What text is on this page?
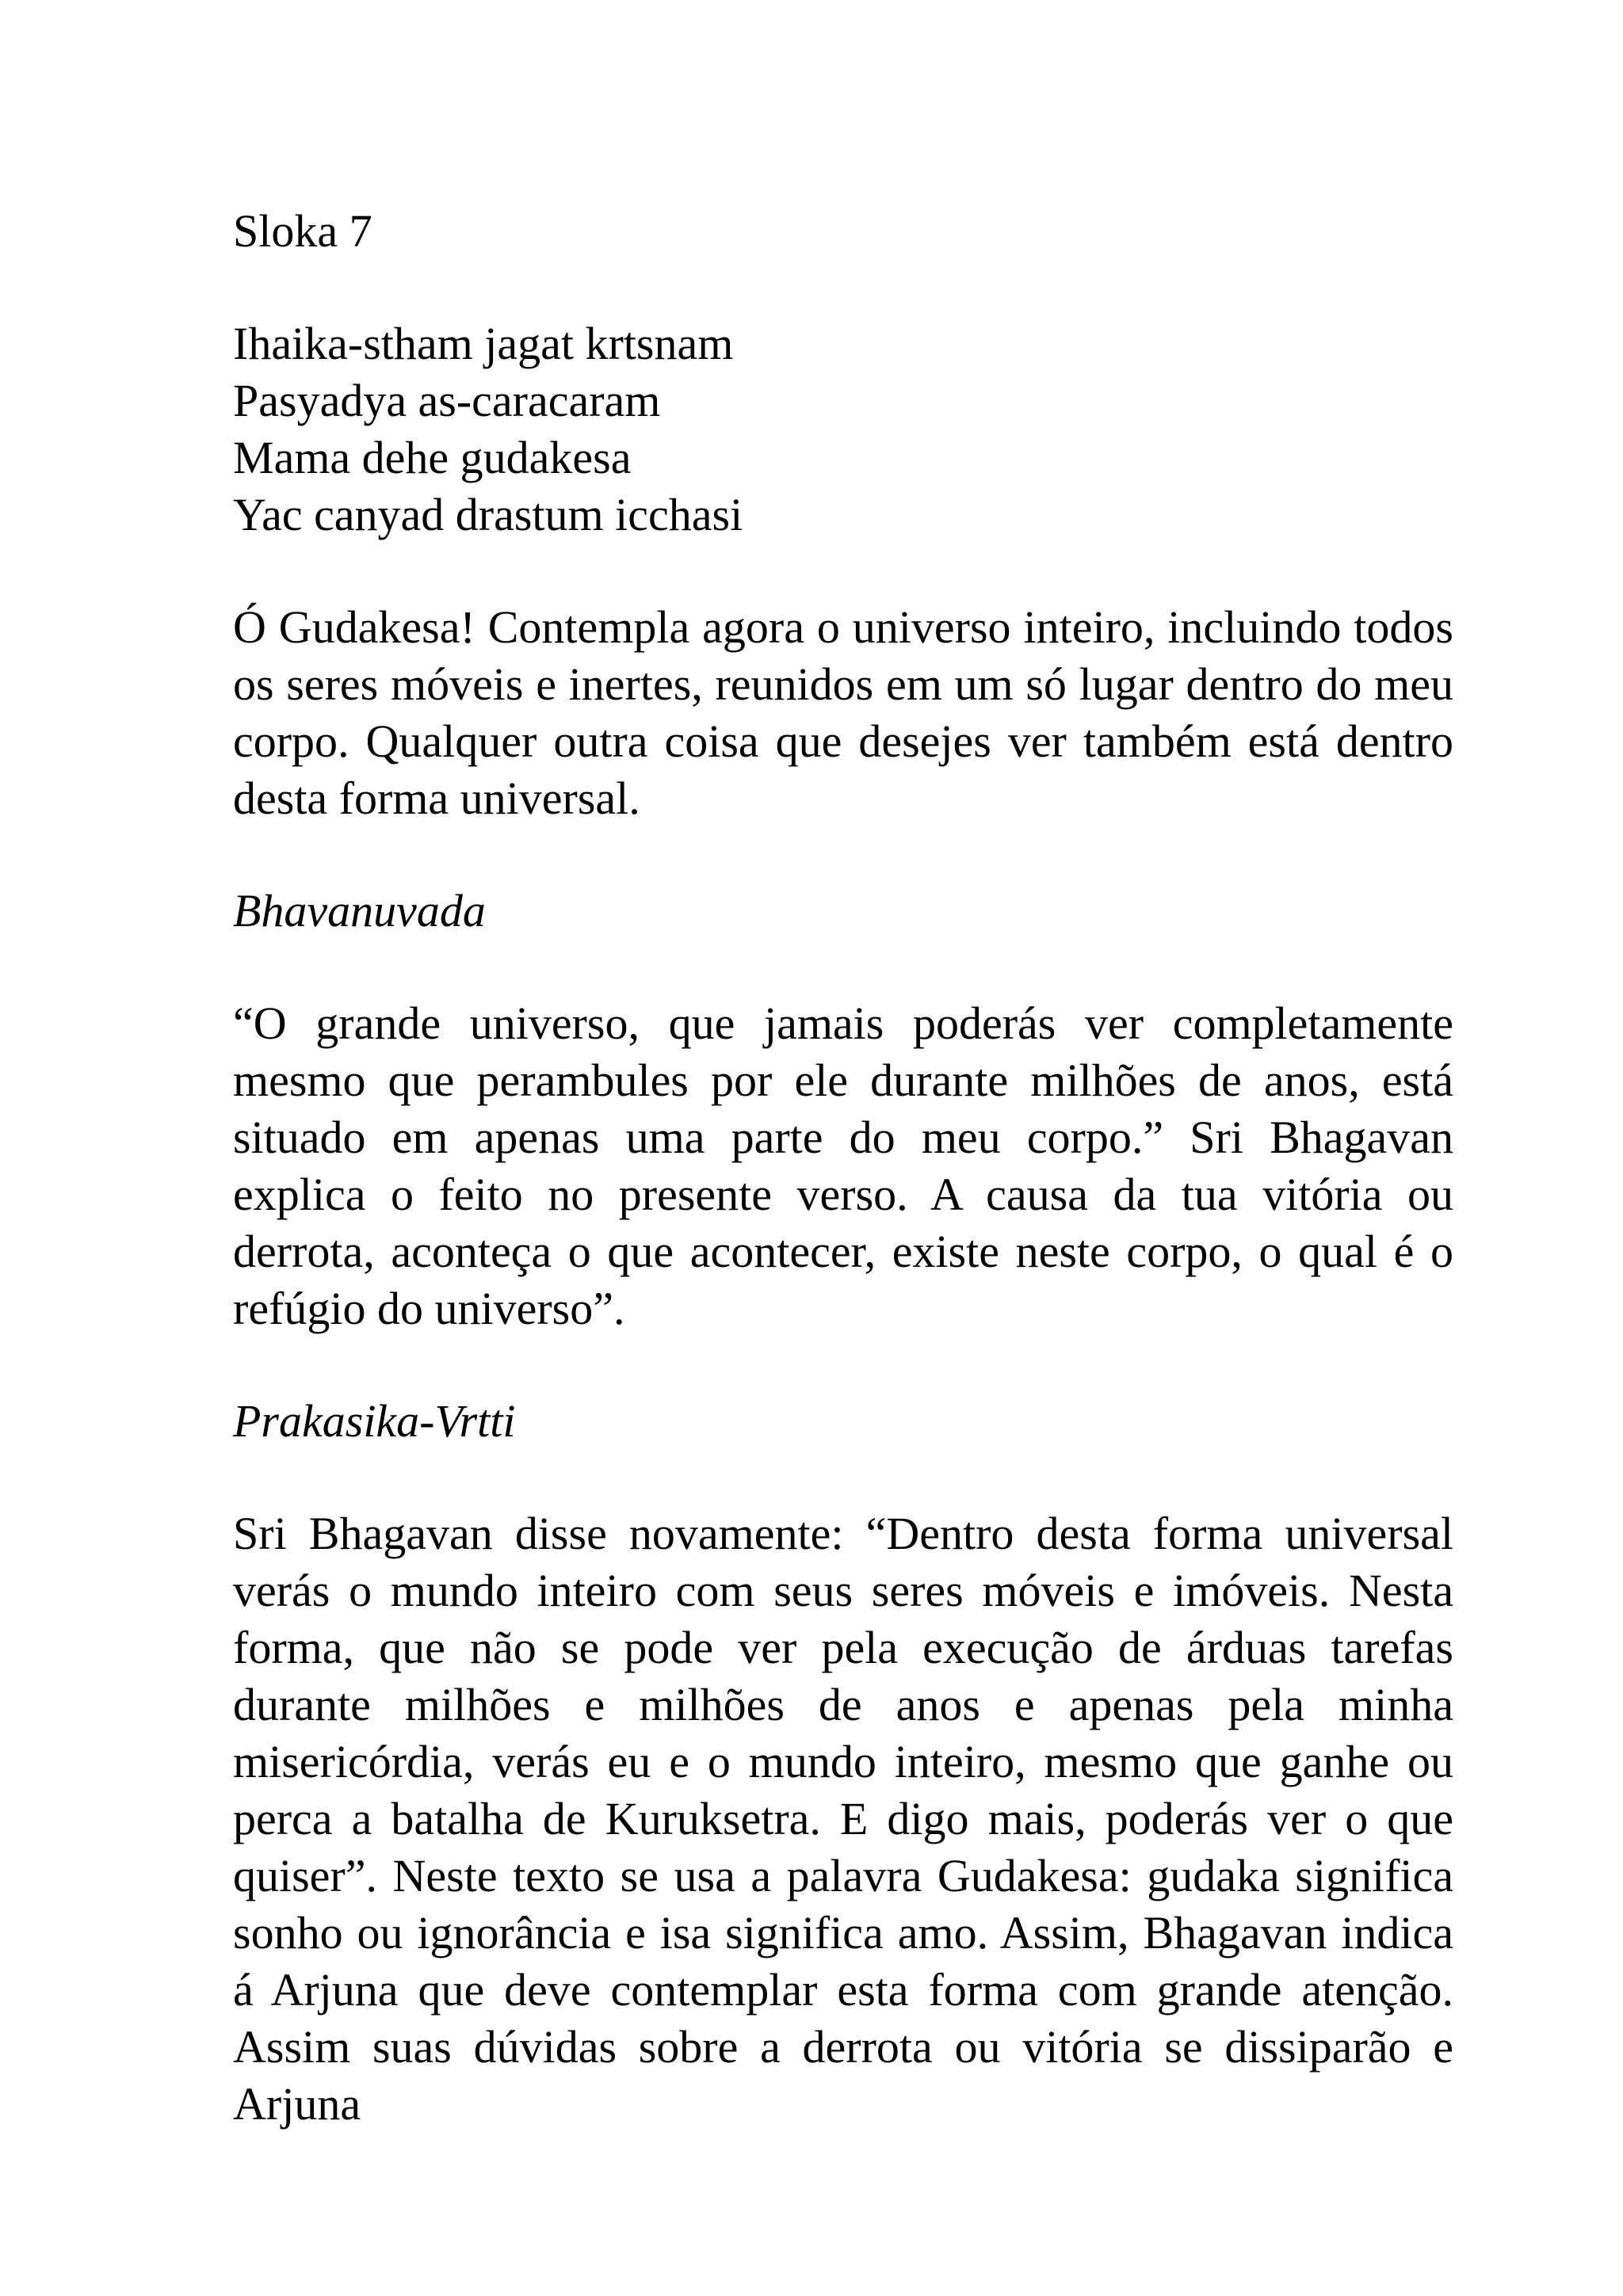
Sloka 7

Ihaika-stham jagat krtsnam

Pasyadya as-caracaram

Mama dehe gudakesa

Yac canyad drastum icchasi

Ó Gudakesa! Contempla agora o universo inteiro, incluindo todos os seres móveis e inertes, reunidos em um só lugar dentro do meu corpo. Qualquer outra coisa que desejes ver também está dentro desta forma universal.

Bhavanuvada

“O grande universo, que jamais poderás ver completamente mesmo que perambules por ele durante milhões de anos, está situado em apenas uma parte do meu corpo.” Sri Bhagavan explica o feito no presente verso. A causa da tua vitória ou derrota, aconteça o que acontecer, existe neste corpo, o qual é o refúgio do universo”.

Prakasika-Vrtti

Sri Bhagavan disse novamente: “Dentro desta forma universal verás o mundo inteiro com seus seres móveis e imóveis. Nesta forma, que não se pode ver pela execução de árduas tarefas durante milhões e milhões de anos e apenas pela minha misericórdia, verás eu e o mundo inteiro, mesmo que ganhe ou perca a batalha de Kuruksetra. E digo mais, poderás ver o que quiser”. Neste texto se usa a palavra Gudakesa: gudaka significa sonho ou ignorância e isa significa amo. Assim, Bhagavan indica á Arjuna que deve contemplar esta forma com grande atenção. Assim suas dúvidas sobre a derrota ou vitória se dissiparão e Arjuna
